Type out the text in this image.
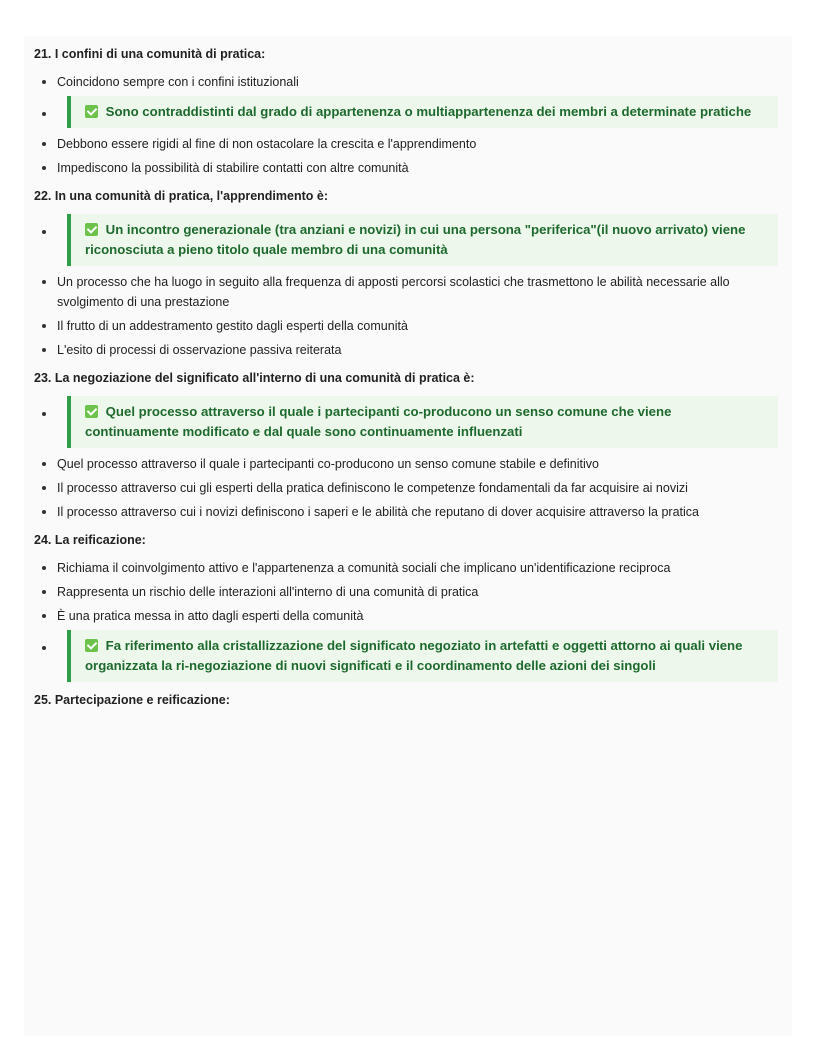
21. I confini di una comunità di pratica:

Coincidono sempre con i confini istituzionali
Sono contraddistinti dal grado di appartenenza o multiappartenenza dei membri a determinate pratiche
Debbono essere rigidi al fine di non ostacolare la crescita e l'apprendimento
Impediscono la possibilità di stabilire contatti con altre comunità

22. In una comunità di pratica, l'apprendimento è:

Un incontro generazionale (tra anziani e novizi) in cui una persona "periferica"(il nuovo arrivato) viene riconosciuta a pieno titolo quale membro di una comunità
Un processo che ha luogo in seguito alla frequenza di apposti percorsi scolastici che trasmettono le abilità necessarie allo svolgimento di una prestazione
Il frutto di un addestramento gestito dagli esperti della comunità
L'esito di processi di osservazione passiva reiterata

23. La negoziazione del significato all'interno di una comunità di pratica è:

Quel processo attraverso il quale i partecipanti co-producono un senso comune che viene continuamente modificato e dal quale sono continuamente influenzati
Quel processo attraverso il quale i partecipanti co-producono un senso comune stabile e definitivo
Il processo attraverso cui gli esperti della pratica definiscono le competenze fondamentali da far acquisire ai novizi
Il processo attraverso cui i novizi definiscono i saperi e le abilità che reputano di dover acquisire attraverso la pratica

24. La reificazione:

Richiama il coinvolgimento attivo e l'appartenenza a comunità sociali che implicano un'identificazione reciproca
Rappresenta un rischio delle interazioni all'interno di una comunità di pratica
È una pratica messa in atto dagli esperti della comunità
Fa riferimento alla cristallizzazione del significato negoziato in artefatti e oggetti attorno ai quali viene organizzata la ri-negoziazione di nuovi significati e il coordinamento delle azioni dei singoli

25. Partecipazione e reificazione:
